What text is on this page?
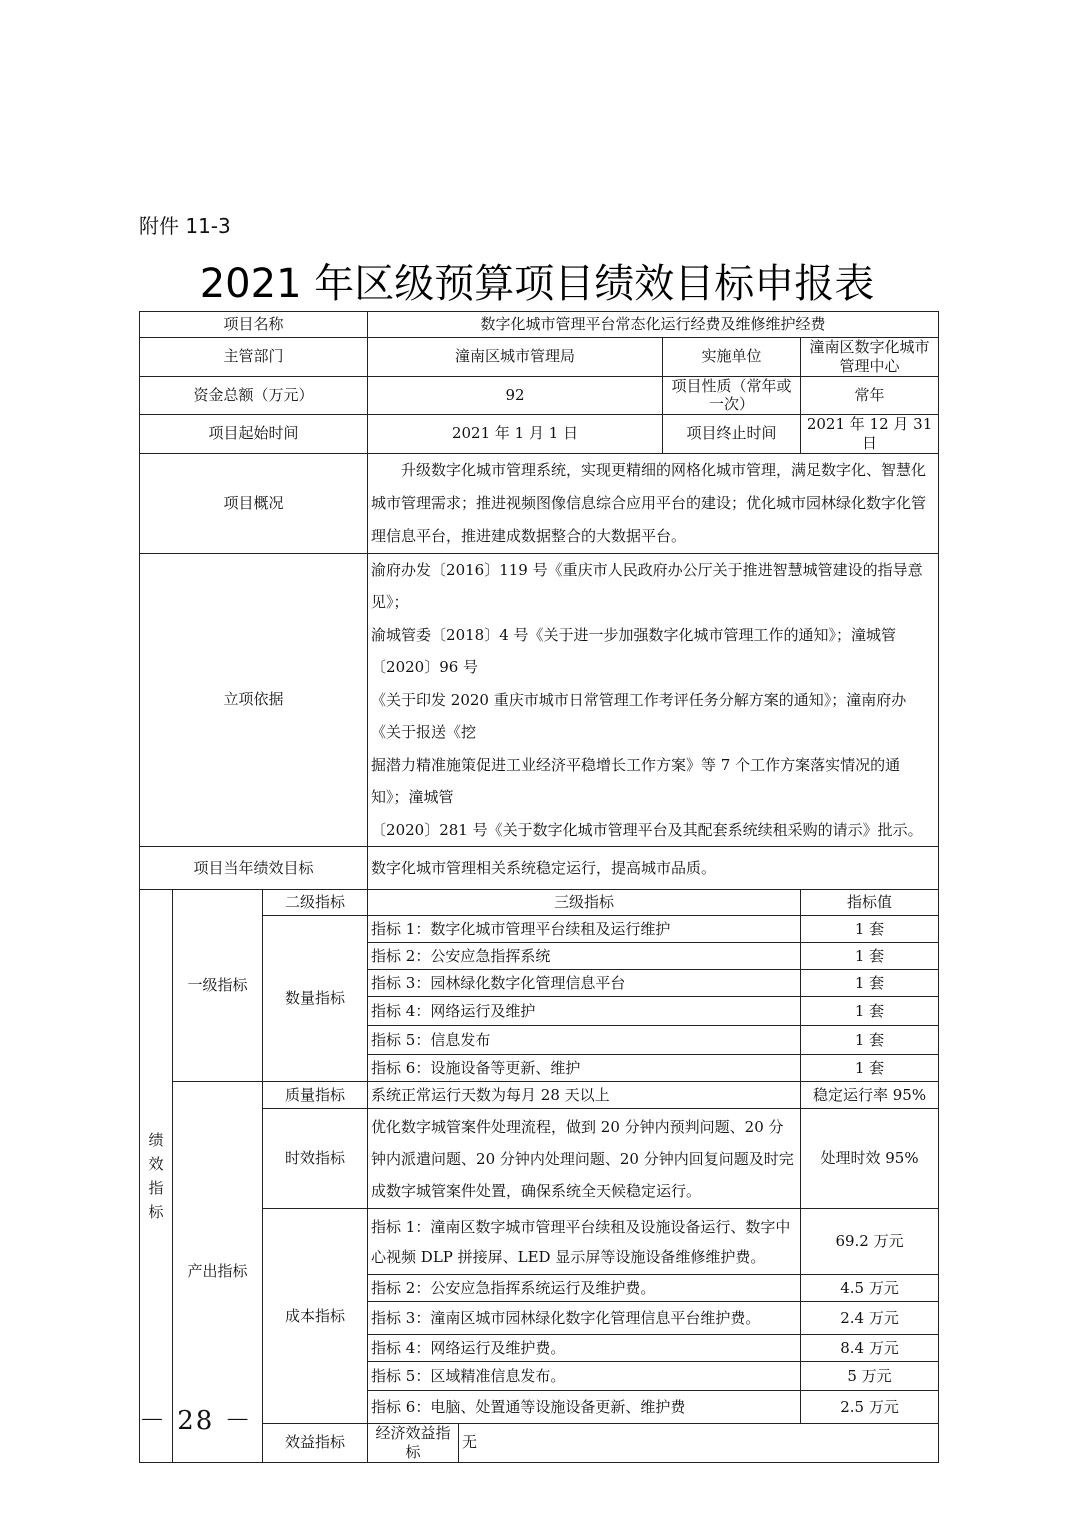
附件 11-3
2021 年区级预算项目绩效目标申报表
项目名称			数字化城市管理平台常态化运行经费及维修维护经费				
主管部门			潼南区城市管理局		实施单位	潼南区数字化城市管理中心	
资金总额（万元）			92		项目性质（常年或一次）	常年	
项目起始时间			2021 年 1 月 1 日		项目终止时间	2021 年 12 月 31 日	
项目概况			升级数字化城市管理系统，实现更精细的网格化城市管理，满足数字化、智慧化城市管理需求；推进视频图像信息综合应用平台的建设；优化城市园林绿化数字化管理信息平台，推进建成数据整合的大数据平台。				
立项依据			渝府办发〔2016〕119 号《重庆市人民政府办公厅关于推进智慧城管建设的指导意见》；
渝城管委〔2018〕4 号《关于进一步加强数字化城市管理工作的通知》；潼城管〔2020〕96 号
《关于印发 2020 重庆市城市日常管理工作考评任务分解方案的通知》；潼南府办《关于报送《挖
掘潜力精准施策促进工业经济平稳增长工作方案》等 7 个工作方案落实情况的通知》；潼城管
〔2020〕281 号《关于数字化城市管理平台及其配套系统续租采购的请示》批示。				

项目当年绩效目标			数字化城市管理相关系统稳定运行，提高城市品质。				

绩
效
指
标	一级指标	二级指标	三级指标			指标值	
		数量指标	指标 1：数字化城市管理平台续租及运行维护			1 套	
			指标 2：公安应急指挥系统			1 套	
			指标 3：园林绿化数字化管理信息平台			1 套	
			指标 4：网络运行及维护			1 套	
			指标 5：信息发布			1 套	
			指标 6：设施设备等更新、维护			1 套	
	产出指标	质量指标	系统正常运行天数为每月 28 天以上			稳定运行率 95%	
		时效指标	优化数字城管案件处理流程，做到 20 分钟内预判问题、20 分钟内派遣问题、20 分钟内处理问题、20 分钟内回复问题及时完成数字城管案件处置，确保系统全天候稳定运行。			处理时效 95%	
		成本指标	指标 1：潼南区数字城市管理平台续租及设施设备运行、数字中心视频 DLP 拼接屏、LED 显示屏等设施设备维修维护费。			69.2 万元	
			指标 2：公安应急指挥系统运行及维护费。			4.5 万元	
			指标 3：潼南区城市园林绿化数字化管理信息平台维护费。			2.4 万元	
			指标 4：网络运行及维护费。			8.4 万元	
			指标 5：区域精准信息发布。			5 万元	
			指标 6：电脑、处置通等设施设备更新、维护费			2.5 万元	
		效益指标	经济效益指标	无	
－ 28 －
